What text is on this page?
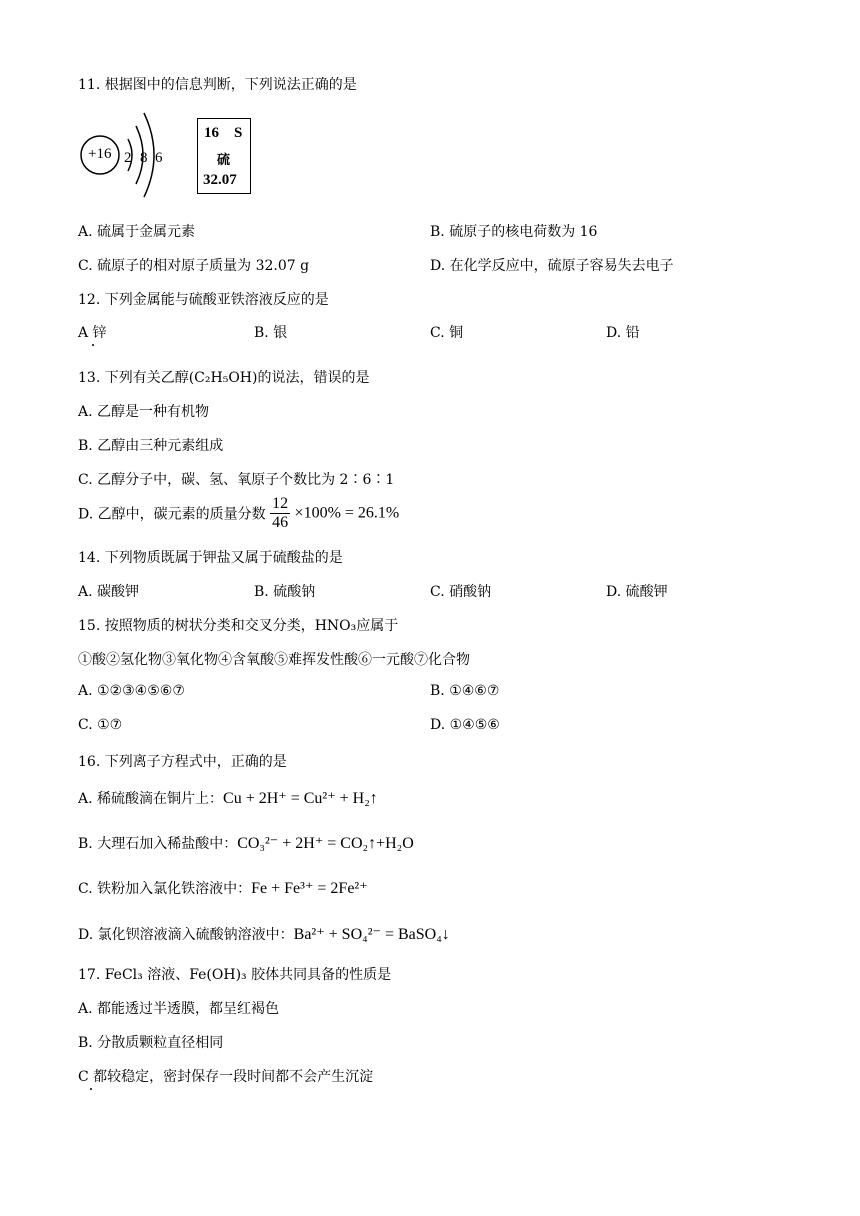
11. 根据图中的信息判断，下列说法正确的是
+16 2 8 6
16 S
硫
32.07
A. 硫属于金属元素	B. 硫原子的核电荷数为 16
C. 硫原子的相对原子质量为 32.07 g	D. 在化学反应中，硫原子容易失去电子
12. 下列金属能与硫酸亚铁溶液反应的是
A 锌	B. 银	C. 铜	D. 铅
13. 下列有关乙醇(C₂H₅OH)的说法，错误的是
A. 乙醇是一种有机物
B. 乙醇由三种元素组成
C. 乙醇分子中，碳、氢、氧原子个数比为 2∶6∶1
D. 乙醇中，碳元素的质量分数 $\frac{12}{46} \times 100\% = 26.1\%$
14. 下列物质既属于钾盐又属于硫酸盐的是
A. 碳酸钾	B. 硫酸钠	C. 硝酸钠	D. 硫酸钾
15. 按照物质的树状分类和交叉分类，HNO₃应属于
①酸②氢化物③氧化物④含氧酸⑤难挥发性酸⑥一元酸⑦化合物
A. ①②③④⑤⑥⑦	B. ①④⑥⑦
C. ①⑦	D. ①④⑤⑥
16. 下列离子方程式中，正确的是
A. 稀硫酸滴在铜片上：Cu + 2H⁺ = Cu²⁺ + H₂↑
B. 大理石加入稀盐酸中：CO₃²⁻ + 2H⁺ = CO₂↑+H₂O
C. 铁粉加入氯化铁溶液中：Fe + Fe³⁺ = 2Fe²⁺
D. 氯化钡溶液滴入硫酸钠溶液中：Ba²⁺ + SO₄²⁻ = BaSO₄↓
17. FeCl₃ 溶液、Fe(OH)₃ 胶体共同具备的性质是
A. 都能透过半透膜，都呈红褐色
B. 分散质颗粒直径相同
C 都较稳定，密封保存一段时间都不会产生沉淀
